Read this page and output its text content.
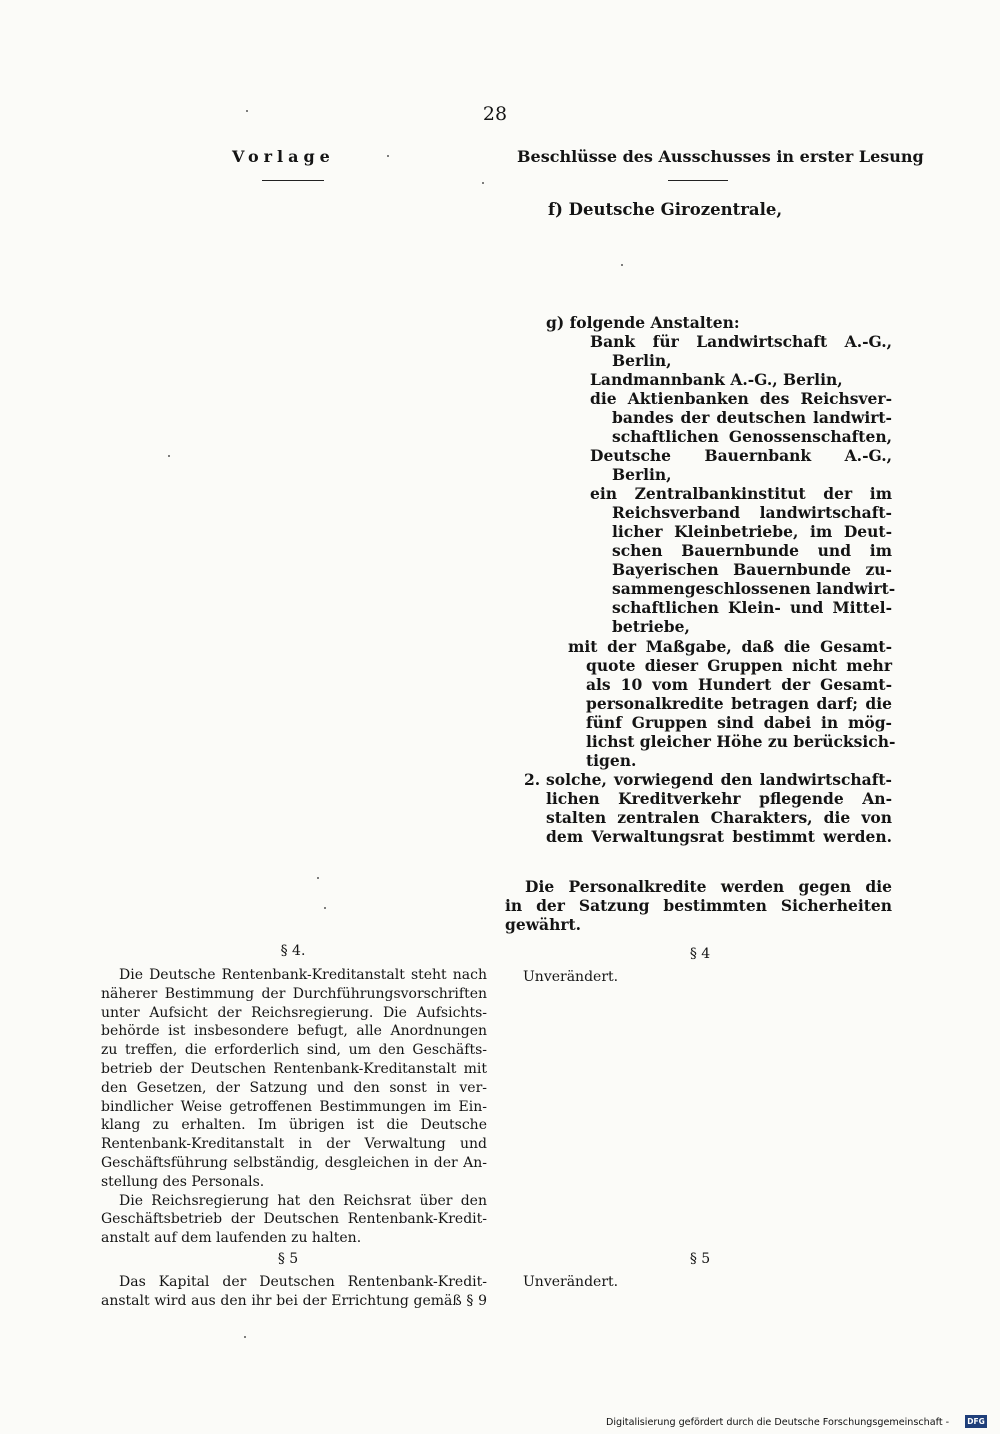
28
Vorlage	Beschlüsse des Ausschusses in erster Lesung
f) Deutsche Girozentrale,
g) folgende Anstalten:
Bank für Landwirtschaft A.-G.,
Berlin,
Landmannbank A.-G., Berlin,
die Aktienbanken des Reichsver-
bandes der deutschen landwirt-
schaftlichen Genossenschaften,
Deutsche Bauernbank A.-G.,
Berlin,
ein Zentralbankinstitut der im
Reichsverband landwirtschaft-
licher Kleinbetriebe, im Deut-
schen Bauernbunde und im
Bayerischen Bauernbunde zu-
sammengeschlossenen landwirt-
schaftlichen Klein- und Mittel-
betriebe,
mit der Maßgabe, daß die Gesamt-
quote dieser Gruppen nicht mehr
als 10 vom Hundert der Gesamt-
personalkredite betragen darf; die
fünf Gruppen sind dabei in mög-
lichst gleicher Höhe zu berücksich-
tigen.
2. solche, vorwiegend den landwirtschaft-
lichen Kreditverkehr pflegende An-
stalten zentralen Charakters, die von
dem Verwaltungsrat bestimmt werden.
Die Personalkredite werden gegen die
in der Satzung bestimmten Sicherheiten
gewährt.
§ 4.	§ 4
Die Deutsche Rentenbank-Kreditanstalt steht nach
näherer Bestimmung der Durchführungsvorschriften
unter Aufsicht der Reichsregierung. Die Aufsichts-
behörde ist insbesondere befugt, alle Anordnungen
zu treffen, die erforderlich sind, um den Geschäfts-
betrieb der Deutschen Rentenbank-Kreditanstalt mit
den Gesetzen, der Satzung und den sonst in ver-
bindlicher Weise getroffenen Bestimmungen im Ein-
klang zu erhalten. Im übrigen ist die Deutsche
Rentenbank-Kreditanstalt in der Verwaltung und
Geschäftsführung selbständig, desgleichen in der An-
stellung des Personals.
Die Reichsregierung hat den Reichsrat über den
Geschäftsbetrieb der Deutschen Rentenbank-Kredit-
anstalt auf dem laufenden zu halten.
Unverändert.
§ 5	§ 5
Das Kapital der Deutschen Rentenbank-Kredit-
anstalt wird aus den ihr bei der Errichtung gemäß § 9
Unverändert.
Digitalisierung gefördert durch die Deutsche Forschungsgemeinschaft - DFG
